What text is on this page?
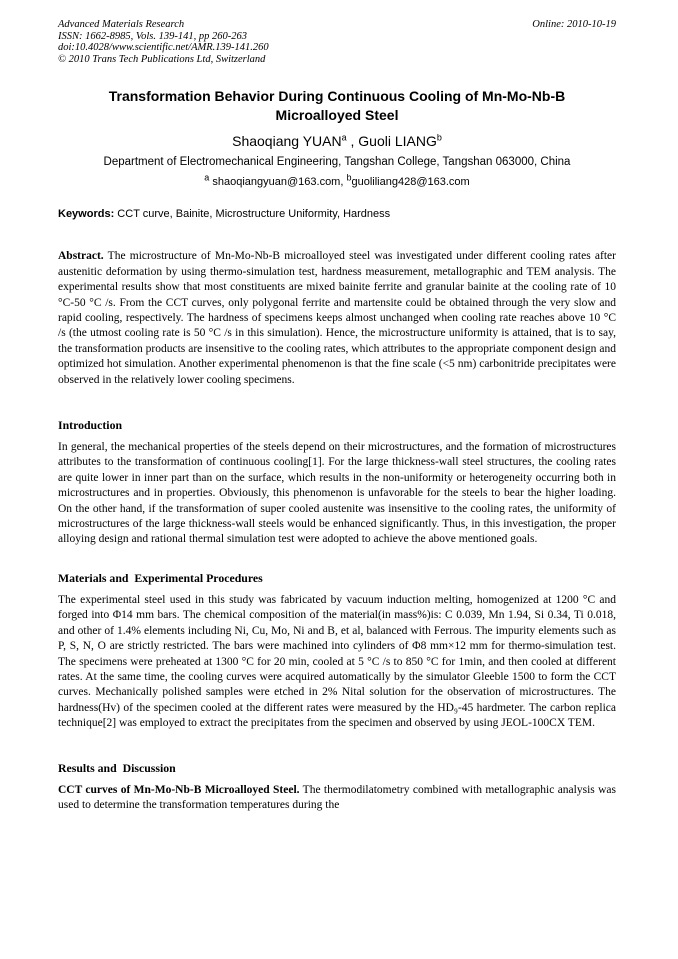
Advanced Materials Research
ISSN: 1662-8985, Vols. 139-141, pp 260-263
doi:10.4028/www.scientific.net/AMR.139-141.260
© 2010 Trans Tech Publications Ltd, Switzerland
Online: 2010-10-19
Transformation Behavior During Continuous Cooling of Mn-Mo-Nb-B
Microalloyed Steel
Shaoqiang YUAN$^a$ , Guoli LIANG$^b$
Department of Electromechanical Engineering, Tangshan College, Tangshan 063000, China
$^a$ shaoqiangyuan@163.com, $^b$guoliliang428@163.com
Keywords: CCT curve, Bainite, Microstructure Uniformity, Hardness
Abstract. The microstructure of Mn-Mo-Nb-B microalloyed steel was investigated under different cooling rates after austenitic deformation by using thermo-simulation test, hardness measurement, metallographic and TEM analysis. The experimental results show that most constituents are mixed bainite ferrite and granular bainite at the cooling rate of 10 °C-50 °C /s. From the CCT curves, only polygonal ferrite and martensite could be obtained through the very slow and rapid cooling, respectively. The hardness of specimens keeps almost unchanged when cooling rate reaches above 10 °C /s (the utmost cooling rate is 50 °C /s in this simulation). Hence, the microstructure uniformity is attained, that is to say, the transformation products are insensitive to the cooling rates, which attributes to the appropriate component design and optimized hot simulation. Another experimental phenomenon is that the fine scale (<5 nm) carbonitride precipitates were observed in the relatively lower cooling specimens.
Introduction
In general, the mechanical properties of the steels depend on their microstructures, and the formation of microstructures attributes to the transformation of continuous cooling[1]. For the large thickness-wall steel structures, the cooling rates are quite lower in inner part than on the surface, which results in the non-uniformity or heterogeneity occurring both in microstructures and in properties. Obviously, this phenomenon is unfavorable for the steels to bear the higher loading. On the other hand, if the transformation of super cooled austenite was insensitive to the cooling rates, the uniformity of microstructures of the large thickness-wall steels would be enhanced significantly. Thus, in this investigation, the proper alloying design and rational thermal simulation test were adopted to achieve the above mentioned goals.
Materials and  Experimental Procedures
The experimental steel used in this study was fabricated by vacuum induction melting, homogenized at 1200 °C and forged into Φ14 mm bars. The chemical composition of the material(in mass%)is: C 0.039, Mn 1.94, Si 0.34, Ti 0.018, and other of 1.4% elements including Ni, Cu, Mo, Ni and B, et al, balanced with Ferrous. The impurity elements such as P, S, N, O are strictly restricted. The bars were machined into cylinders of Φ8 mm×12 mm for thermo-simulation test. The specimens were preheated at 1300 °C for 20 min, cooled at 5 °C /s to 850 °C for 1min, and then cooled at different rates. At the same time, the cooling curves were acquired automatically by the simulator Gleeble 1500 to form the CCT curves. Mechanically polished samples were etched in 2% Nital solution for the observation of microstructures. The hardness(Hv) of the specimen cooled at the different rates were measured by the HD₉-45 hardmeter. The carbon replica technique[2] was employed to extract the precipitates from the specimen and observed by using JEOL-100CX TEM.
Results and  Discussion
CCT curves of Mn-Mo-Nb-B Microalloyed Steel. The thermodilatometry combined with metallographic analysis was used to determine the transformation temperatures during the
